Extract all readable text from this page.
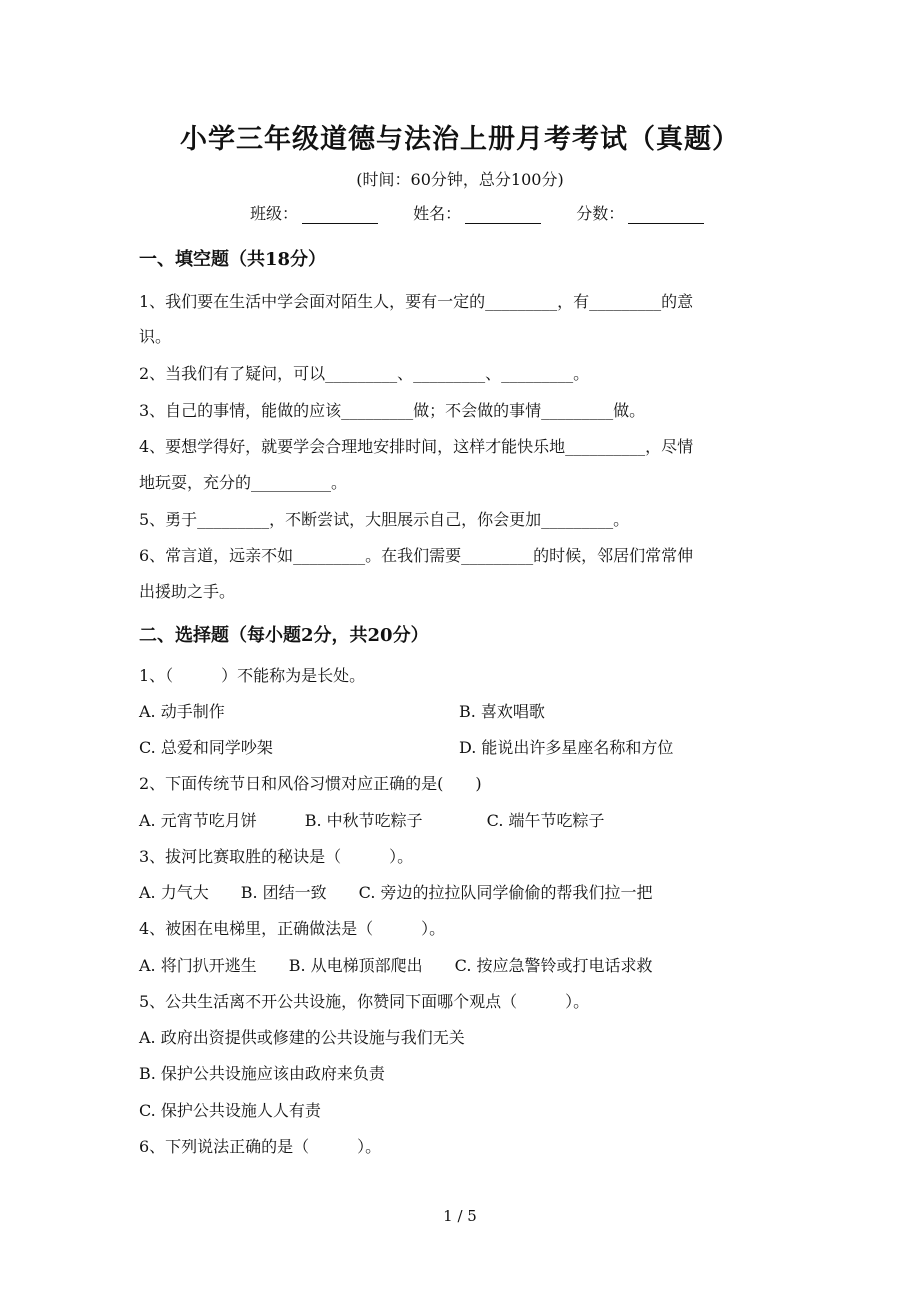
小学三年级道德与法治上册月考考试（真题）
(时间：60分钟，总分100分)
班级：	姓名：	分数：
一、填空题（共18分）
1、我们要在生活中学会面对陌生人，要有一定的_________，有_________的意
识。
2、当我们有了疑问，可以_________、_________、_________。
3、自己的事情，能做的应该_________做；不会做的事情_________做。
4、要想学得好，就要学会合理地安排时间，这样才能快乐地__________，尽情
地玩耍，充分的__________。
5、勇于_________，不断尝试，大胆展示自己，你会更加_________。
6、常言道，远亲不如_________。在我们需要_________的时候，邻居们常常伸
出援助之手。
二、选择题（每小题2分，共20分）
1、（　　　）不能称为是长处。
A. 动手制作	B. 喜欢唱歌
C. 总爱和同学吵架	D. 能说出许多星座名称和方位
2、下面传统节日和风俗习惯对应正确的是(　　)
A. 元宵节吃月饼　　　B. 中秋节吃粽子　　　　C. 端午节吃粽子
3、拔河比赛取胜的秘诀是（　　　）。
A. 力气大　　B. 团结一致　　C. 旁边的拉拉队同学偷偷的帮我们拉一把
4、被困在电梯里，正确做法是（　　　）。
A. 将门扒开逃生　　B. 从电梯顶部爬出　　C. 按应急警铃或打电话求救
5、公共生活离不开公共设施，你赞同下面哪个观点（　　　）。
A. 政府出资提供或修建的公共设施与我们无关
B. 保护公共设施应该由政府来负责
C. 保护公共设施人人有责
6、下列说法正确的是（　　　）。
1 / 5
